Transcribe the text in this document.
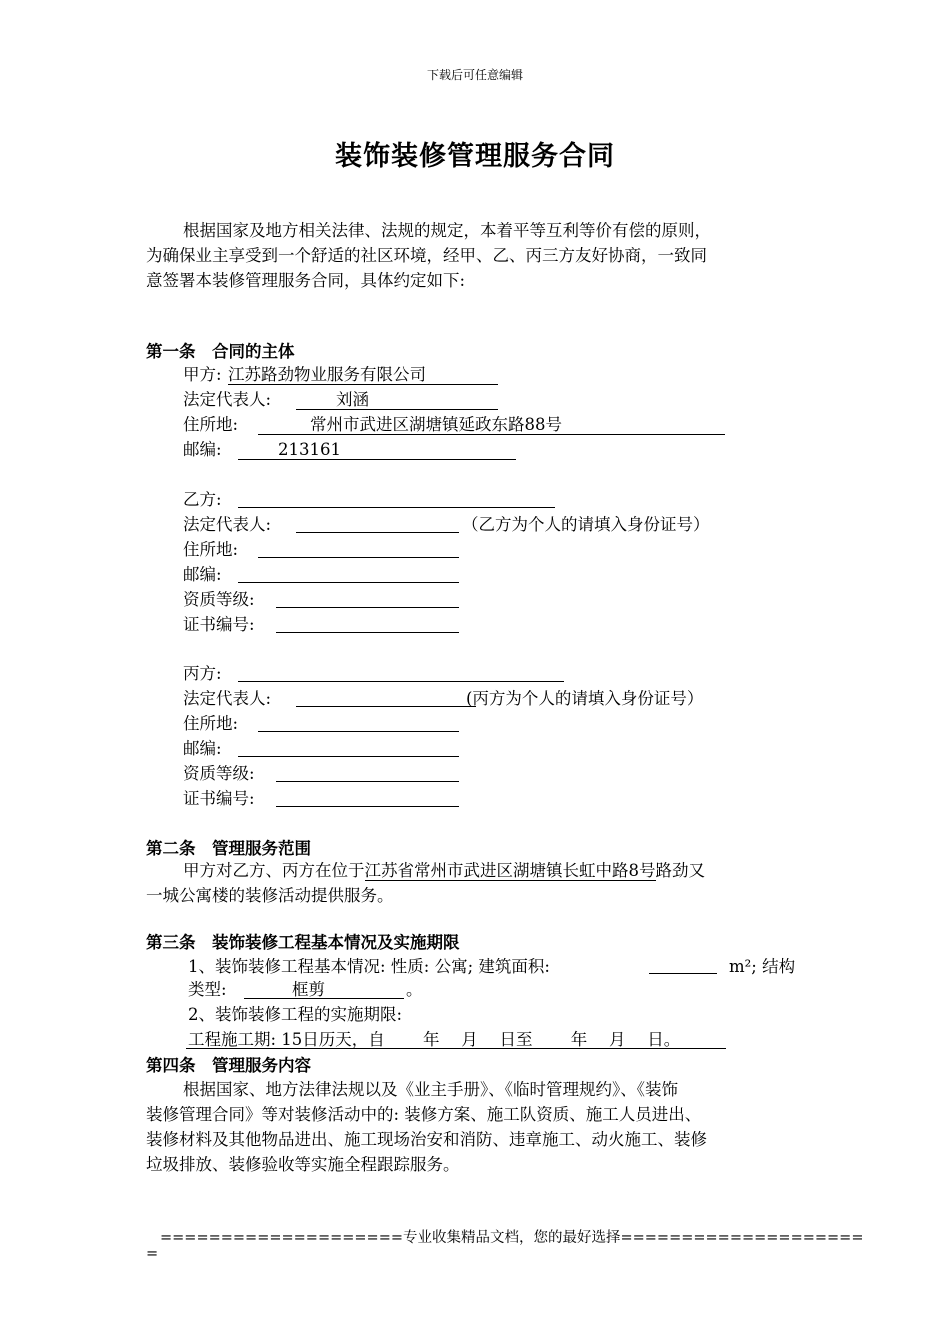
下载后可任意编辑
装饰装修管理服务合同
根据国家及地方相关法律、法规的规定，本着平等互利等价有偿的原则，
为确保业主享受到一个舒适的社区环境，经甲、乙、丙三方友好协商，一致同
意签署本装修管理服务合同，具体约定如下:
第一条　合同的主体
甲方: 江苏路劲物业服务有限公司
法定代表人:	刘涵
住所地:	常州市武进区湖塘镇延政东路88号
邮编:	213161
乙方:
法定代表人:	（乙方为个人的请填入身份证号）
住所地:
邮编:
资质等级:
证书编号:
丙方:
法定代表人:	(丙方为个人的请填入身份证号）
住所地:
邮编:
资质等级:
证书编号:
第二条　管理服务范围
甲方对乙方、丙方在位于江苏省常州市武进区湖塘镇长虹中路8号路劲又
一城公寓楼的装修活动提供服务。
第三条　装饰装修工程基本情况及实施期限
1、装饰装修工程基本情况: 性质: 公寓; 建筑面积:	m²; 结构
类型:	框剪	。
2、装饰装修工程的实施期限:
工程施工期: 15日历天，自　　 年　 月　 日至　　 年　 月　 日。
第四条　管理服务内容
根据国家、地方法律法规以及《业主手册》、《临时管理规约》、《装饰
装修管理合同》等对装修活动中的: 装修方案、施工队资质、施工人员进出、
装修材料及其他物品进出、施工现场治安和消防、违章施工、动火施工、装修
垃圾排放、装修验收等实施全程跟踪服务。
====================专业收集精品文档，您的最好选择====================
=
